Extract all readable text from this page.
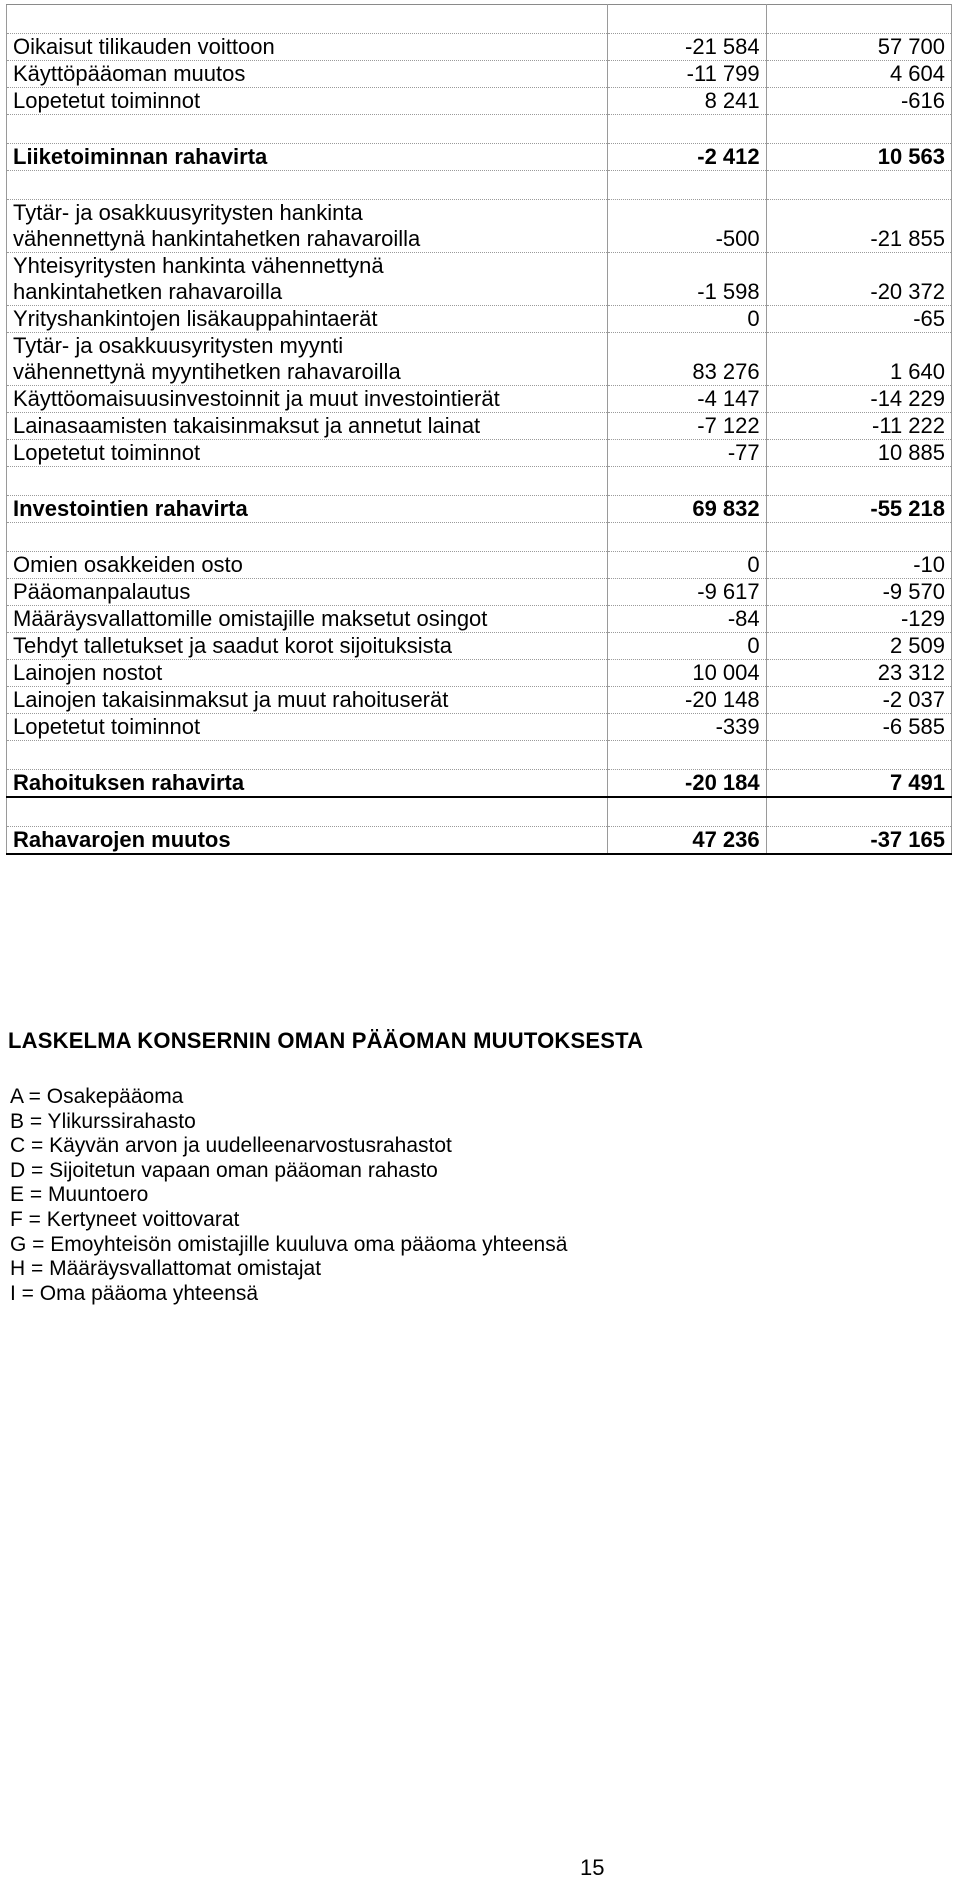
Oikaisut tilikauden voittoon	-21 584	57 700
Käyttöpääoman muutos	-11 799	4 604
Lopetetut toiminnot	8 241	-616

Liiketoiminnan rahavirta	-2 412	10 563

Tytär- ja osakkuusyritysten hankinta
vähennettynä hankintahetken rahavaroilla	-500	-21 855
Yhteisyritysten hankinta vähennettynä
hankintahetken rahavaroilla	-1 598	-20 372
Yrityshankintojen lisäkauppahintaerät	0	-65
Tytär- ja osakkuusyritysten myynti
vähennettynä myyntihetken rahavaroilla	83 276	1 640
Käyttöomaisuusinvestoinnit ja muut investointierät	-4 147	-14 229
Lainasaamisten takaisinmaksut ja annetut lainat	-7 122	-11 222
Lopetetut toiminnot	-77	10 885

Investointien rahavirta	69 832	-55 218

Omien osakkeiden osto	0	-10
Pääomanpalautus	-9 617	-9 570
Määräysvallattomille omistajille maksetut osingot	-84	-129
Tehdyt talletukset ja saadut korot sijoituksista	0	2 509
Lainojen nostot	10 004	23 312
Lainojen takaisinmaksut ja muut rahoituserät	-20 148	-2 037
Lopetetut toiminnot	-339	-6 585

Rahoituksen rahavirta	-20 184	7 491

Rahavarojen muutos	47 236	-37 165
LASKELMA KONSERNIN OMAN PÄÄOMAN MUUTOKSESTA
A = Osakepääoma
B = Ylikurssirahasto
C = Käyvän arvon ja uudelleenarvostusrahastot
D = Sijoitetun vapaan oman pääoman rahasto
E = Muuntoero
F = Kertyneet voittovarat
G = Emoyhteisön omistajille kuuluva oma pääoma yhteensä
H = Määräysvallattomat omistajat
I = Oma pääoma yhteensä
15
